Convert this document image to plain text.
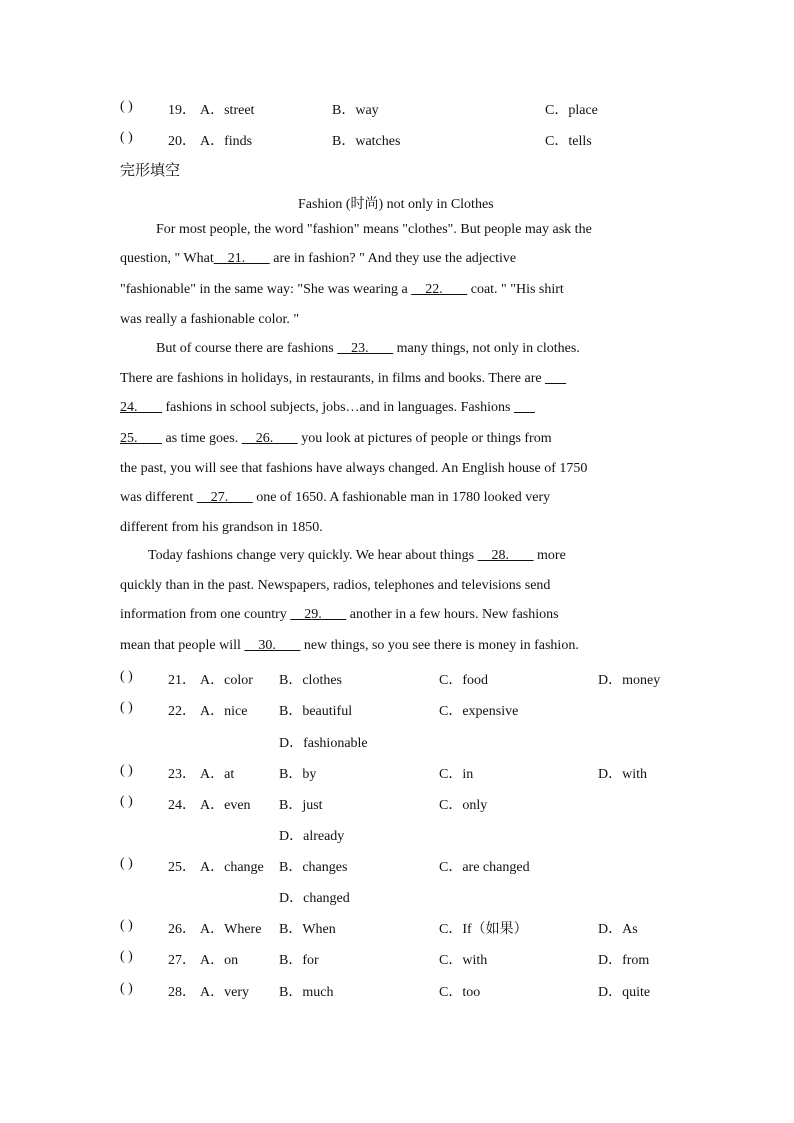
( )	19． A．street	B．way	C．place
( )	20． A．finds	B．watches	C．tells
完形填空
Fashion (时尚) not only in Clothes
For most people, the word "fashion" means "clothes". But people may ask the
question, " What    21.        are in fashion? " And they use the adjective
"fashionable" in the same way: "She was wearing a     22.        coat. " "His shirt
was really a fashionable color. "
But of course there are fashions     23.        many things, not only in clothes.
There are fashions in holidays, in restaurants, in films and books. There are
24.        fashions in school subjects, jobs…and in languages. Fashions
25.        as time goes.     26.        you look at pictures of people or things from
the past, you will see that fashions have always changed. An English house of 1750
was different     27.        one of 1650. A fashionable man in 1780 looked very
different from his grandson in 1850.
Today fashions change very quickly. We hear about things     28.        more
quickly than in the past. Newspapers, radios, telephones and televisions send
information from one country     29.        another in a few hours. New fashions
mean that people will     30.        new things, so you see there is money in fashion.
( )	21． A．color B．clothes	C．food	D．money
( )	22． A．nice B．beautiful	C．expensive
D．fashionable
( )	23． A．at	B．by	C．in	D．with
( )	24． A．even B．just	C．only
D．already
( )	25． A．change B．changes	C．are changed
D．changed
( )	26． A．Where B．When	C．If（如果）	D．As
( )	27． A．on	B．for	C．with	D．from
( )	28． A．very B．much	C．too	D．quite
